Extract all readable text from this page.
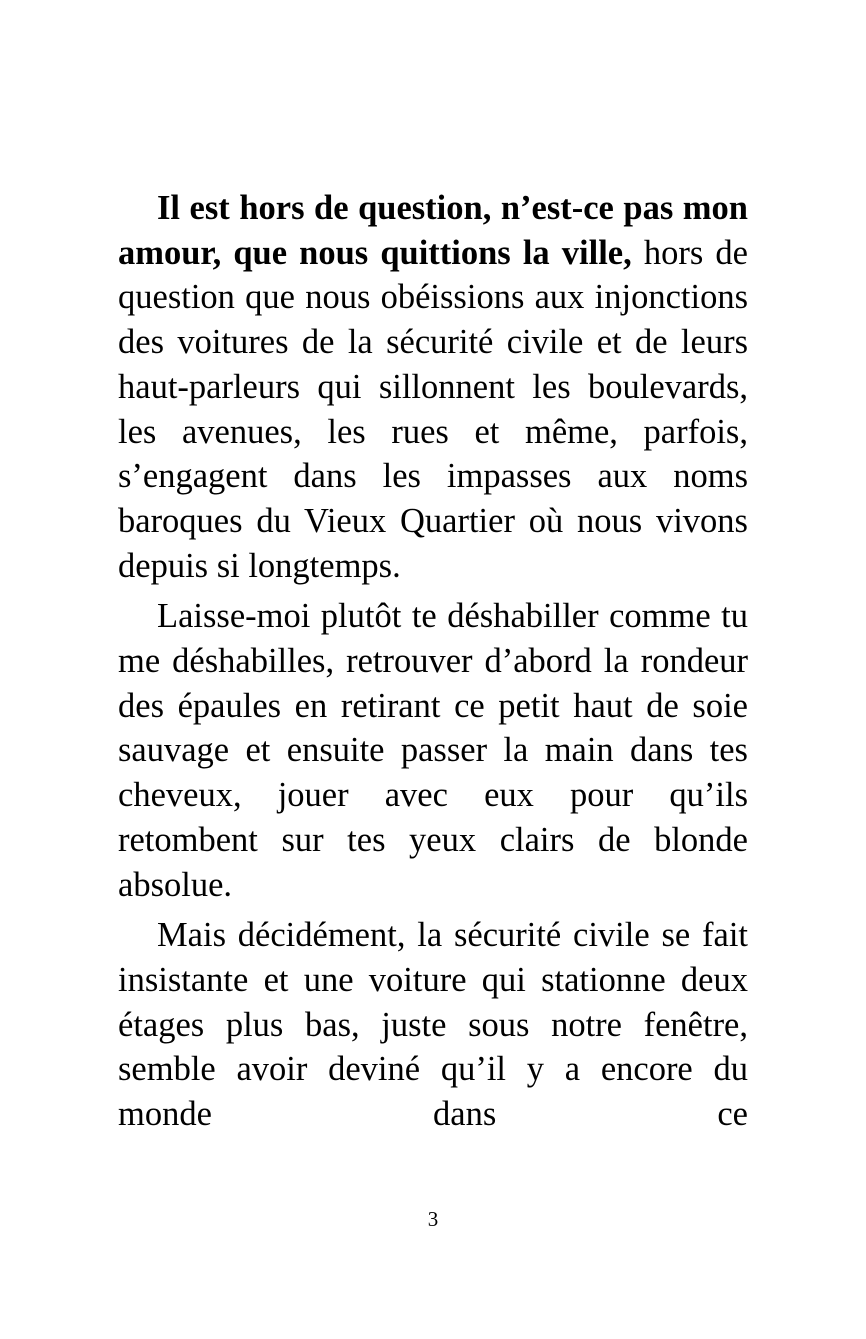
Il est hors de question, n’est-ce pas mon amour, que nous quittions la ville, hors de question que nous obéissions aux injonctions des voitures de la sécurité civile et de leurs haut-parleurs qui sillonnent les boulevards, les avenues, les rues et même, parfois, s’engagent dans les impasses aux noms baroques du Vieux Quartier où nous vivons depuis si longtemps.

Laisse-moi plutôt te déshabiller comme tu me déshabilles, retrouver d’abord la rondeur des épaules en retirant ce petit haut de soie sauvage et ensuite passer la main dans tes cheveux, jouer avec eux pour qu’ils retombent sur tes yeux clairs de blonde absolue.

Mais décidément, la sécurité civile se fait insistante et une voiture qui stationne deux étages plus bas, juste sous notre fenêtre, semble avoir deviné qu’il y a encore du monde dans ce

3
